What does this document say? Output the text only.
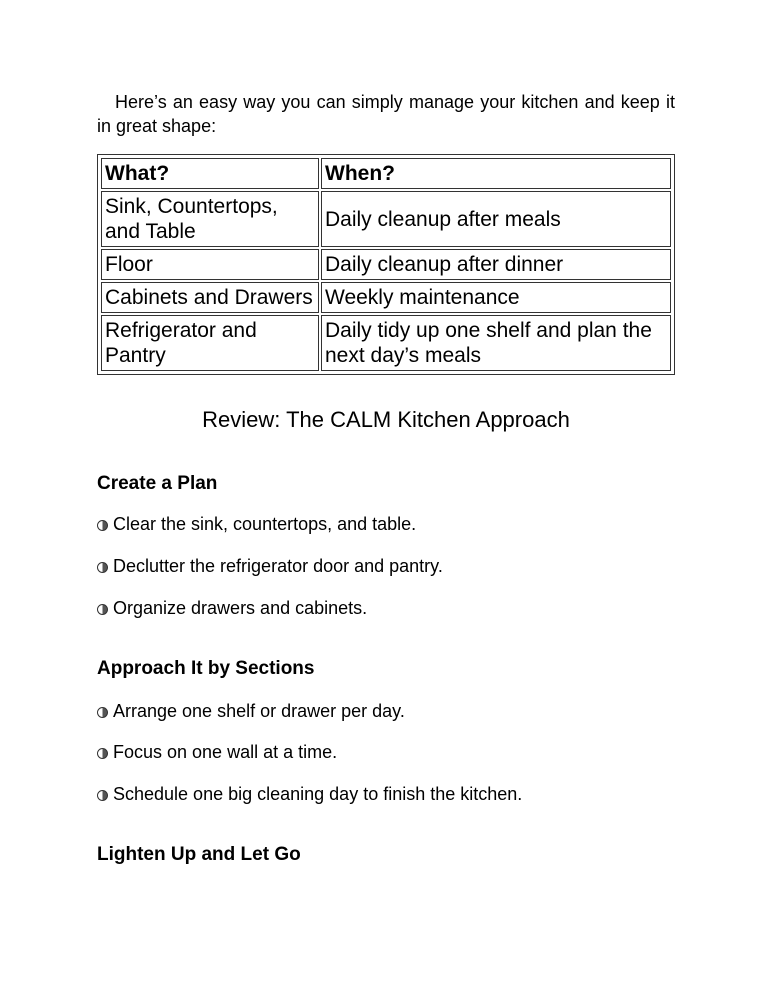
Here’s an easy way you can simply manage your kitchen and keep it in great shape:

What?	When?
Sink, Countertops, and Table	Daily cleanup after meals
Floor	Daily cleanup after dinner
Cabinets and Drawers	Weekly maintenance
Refrigerator and Pantry	Daily tidy up one shelf and plan the next day’s meals
Review: The CALM Kitchen Approach
Create a Plan

Clear the sink, countertops, and table.

Declutter the refrigerator door and pantry.

Organize drawers and cabinets.

Approach It by Sections

Arrange one shelf or drawer per day.

Focus on one wall at a time.

Schedule one big cleaning day to finish the kitchen.

Lighten Up and Let Go
